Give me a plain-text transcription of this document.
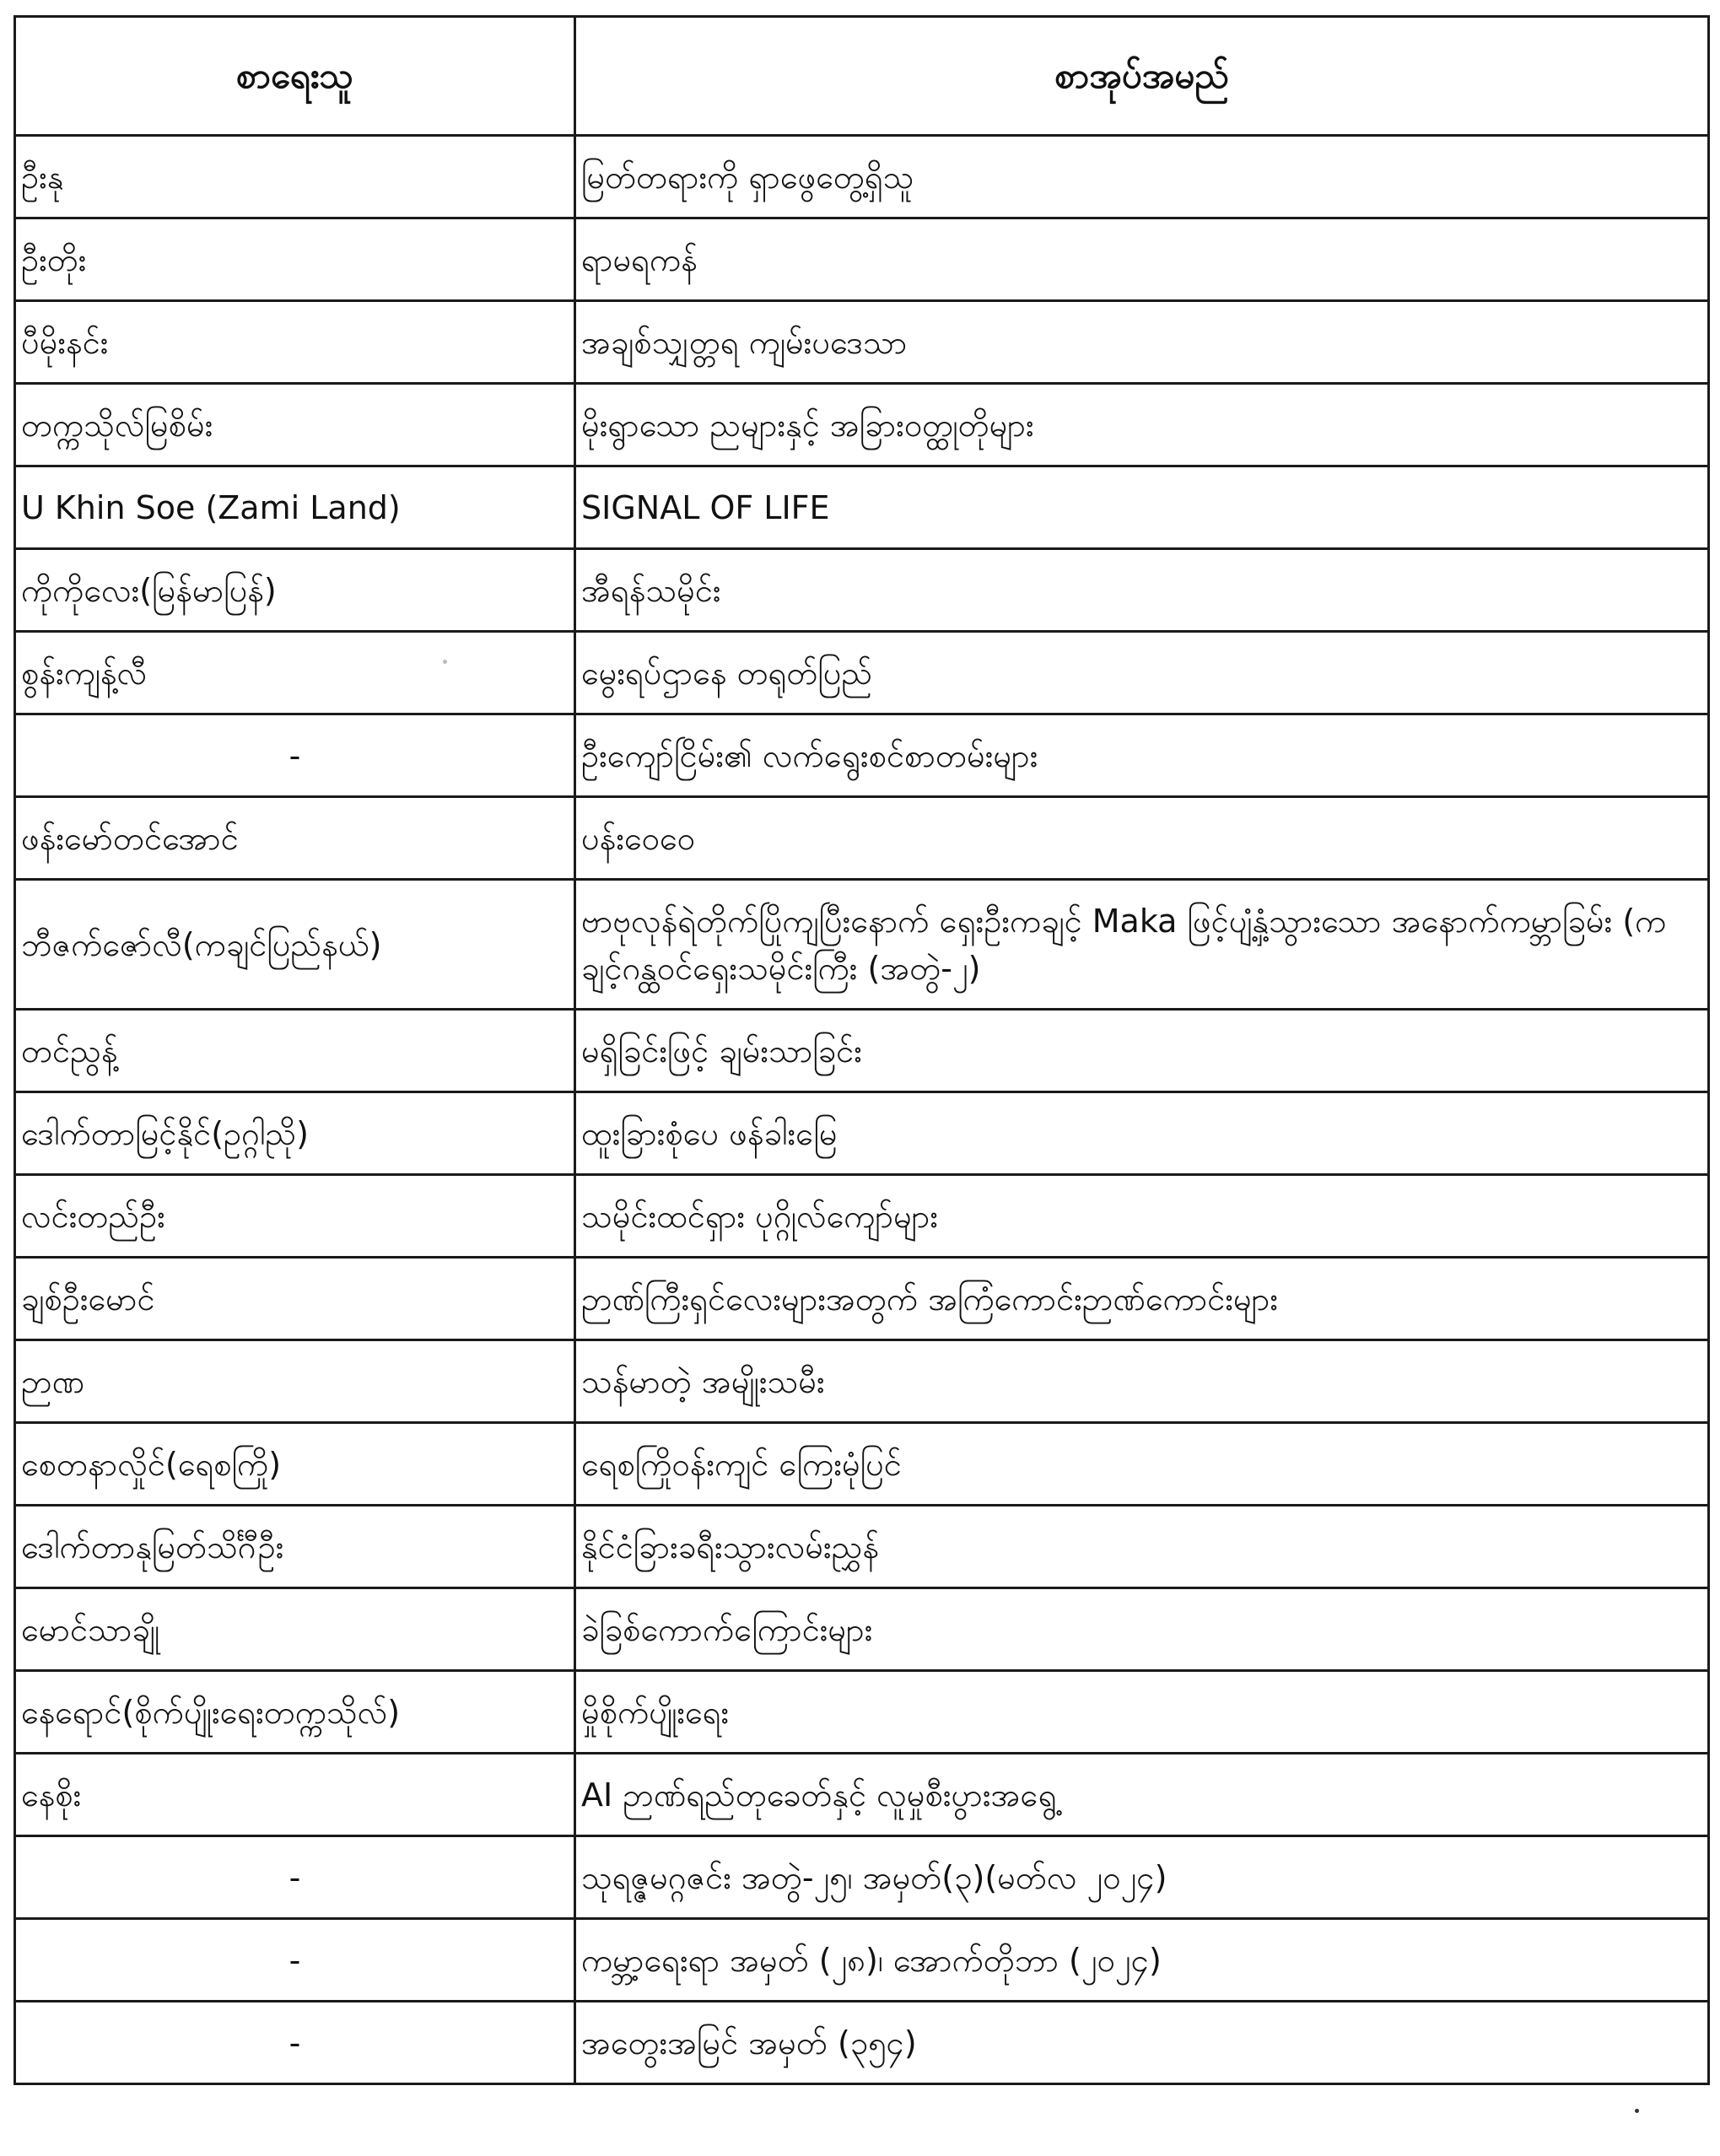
စာရေးသူ	စာအုပ်အမည်
ဦးနု	မြတ်တရားကို ရှာဖွေတွေ့ရှိသူ
ဦးတိုး	ရာမရကန်
ပီမိုးနင်း	အချစ်သျှတ္တရ ကျမ်းပဒေသာ
တက္ကသိုလ်မြစိမ်း	မိုးရွာသော ညများနှင့် အခြားဝတ္ထုတိုများ
U Khin Soe (Zami Land)	SIGNAL OF LIFE
ကိုကိုလေး(မြန်မာပြန်)	အီရန်သမိုင်း
စွန်းကျန့်လီ	မွေးရပ်ဌာနေ တရုတ်ပြည်
-	ဦးကျော်ငြိမ်း၏ လက်ရွေးစင်စာတမ်းများ
ဖန်းမော်တင်အောင်	ပန်းဝေဝေ
ဘီဇက်ဇော်လီ(ကချင်ပြည်နယ်)	ဗာဗုလုန်ရဲတိုက်ပြိုကျပြီးနောက် ရှေးဦးကချင့် Maka ဖြင့်ပျံ့နှံ့သွားသော အနောက်ကမ္ဘာခြမ်း (ကချင့်ဂန္ထဝင်ရှေးသမိုင်းကြီး (အတွဲ-၂)
တင်ညွန့်	မရှိခြင်းဖြင့် ချမ်းသာခြင်း
ဒေါက်တာမြင့်နိုင်(ဥဂ္ဂါညို)	ထူးခြားစုံပေ ဖန်ခါးမြေ
လင်းတည်ဦး	သမိုင်းထင်ရှား ပုဂ္ဂိုလ်ကျော်များ
ချစ်ဦးမောင်	ဉာဏ်ကြီးရှင်လေးများအတွက် အကြံကောင်းဉာဏ်ကောင်းများ
ဉာဏ	သန်မာတဲ့ အမျိုးသမီး
စေတနာလှိုင်(ရေစကြို)	ရေစကြိုဝန်းကျင် ကြေးမုံပြင်
ဒေါက်တာနုမြတ်သိင်္ဂီဦး	နိုင်ငံခြားခရီးသွားလမ်းညွှန်
မောင်သာချို	ခဲခြစ်ကောက်ကြောင်းများ
နေရောင်(စိုက်ပျိုးရေးတက္ကသိုလ်)	မှိုစိုက်ပျိုးရေး
နေစိုး	AI ဉာဏ်ရည်တုခေတ်နှင့် လူမှုစီးပွားအရွေ့
-	သုရဇ္ဇမဂ္ဂဇင်း အတွဲ-၂၅၊ အမှတ်(၃)(မတ်လ ၂၀၂၄)
-	ကမ္ဘာ့ရေးရာ အမှတ် (၂၈)၊ အောက်တိုဘာ (၂၀၂၄)
-	အတွေးအမြင် အမှတ် (၃၅၄)
